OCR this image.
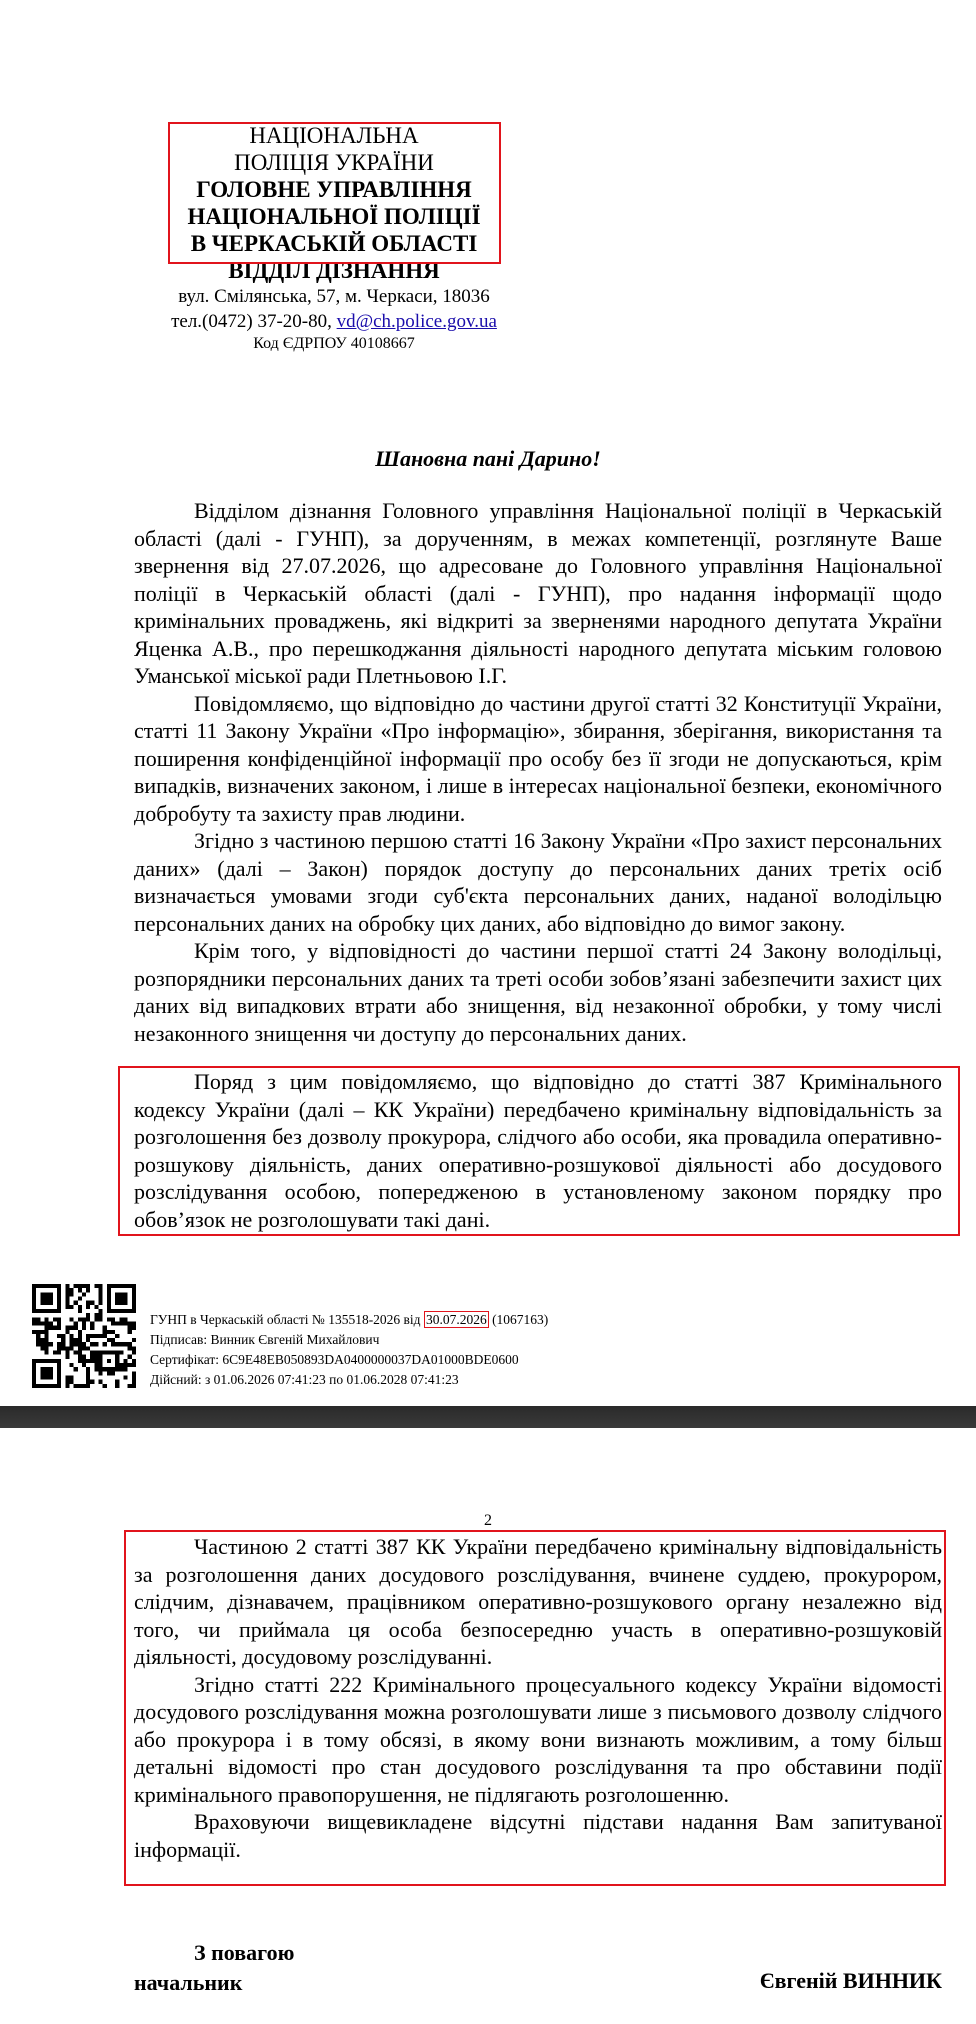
НАЦІОНАЛЬНА
ПОЛІЦІЯ УКРАЇНИ
ГОЛОВНЕ УПРАВЛІННЯ
НАЦІОНАЛЬНОЇ ПОЛІЦІЇ
В ЧЕРКАСЬКІЙ ОБЛАСТІ
ВІДДІЛ ДІЗНАННЯ
вул. Смілянська, 57, м. Черкаси, 18036
тел.(0472) 37-20-80, vd@ch.police.gov.ua
Код ЄДРПОУ 40108667
Шановна пані Дарино!

Відділом дізнання Головного управління Національної поліції в Черкаській області (далі - ГУНП), за дорученням, в межах компетенції, розглянуте Ваше звернення від 27.07.2026, що адресоване до Головного управління Національної поліції в Черкаській області (далі - ГУНП), про надання інформації щодо кримінальних проваджень, які відкриті за зверненями народного депутата України Яценка А.В., про перешкоджання діяльності народного депутата міським головою Уманської міської ради Плетньовою І.Г.

Повідомляємо, що відповідно до частини другої статті 32 Конституції України, статті 11 Закону України «Про інформацію», збирання, зберігання, використання та поширення конфіденційної інформації про особу без її згоди не допускаються, крім випадків, визначених законом, і лише в інтересах національної безпеки, економічного добробуту та захисту прав людини.

Згідно з частиною першою статті 16 Закону України «Про захист персональних даних» (далі – Закон) порядок доступу до персональних даних третіх осіб визначається умовами згоди суб'єкта персональних даних, наданої володільцю персональних даних на обробку цих даних, або відповідно до вимог закону.

Крім того, у відповідності до частини першої статті 24 Закону володільці, розпорядники персональних даних та треті особи зобов’язані забезпечити захист цих даних від випадкових втрати або знищення, від незаконної обробки, у тому числі незаконного знищення чи доступу до персональних даних.

Поряд з цим повідомляємо, що відповідно до статті 387 Кримінального кодексу України (далі – КК України) передбачено кримінальну відповідальність за розголошення без дозволу прокурора, слідчого або особи, яка провадила оперативно-розшукову діяльність, даних оперативно-розшукової діяльності або досудового розслідування особою, попередженою в установленому законом порядку про обов’язок не розголошувати такі дані.

ГУНП в Черкаській області № 135518-2026 від 30.07.2026 (1067163)
Підписав: Винник Євгеній Михайлович
Сертифікат: 6C9E48EB050893DA0400000037DA01000BDE0600
Дійсний: з 01.06.2026 07:41:23 по 01.06.2028 07:41:23
2

Частиною 2 статті 387 КК України передбачено кримінальну відповідальність за розголошення даних досудового розслідування, вчинене суддею, прокурором, слідчим, дізнавачем, працівником оперативно-розшукового органу незалежно від того, чи приймала ця особа безпосередню участь в оперативно-розшуковій діяльності, досудовому розслідуванні.

Згідно статті 222 Кримінального процесуального кодексу України відомості досудового розслідування можна розголошувати лише з письмового дозволу слідчого або прокурора і в тому обсязі, в якому вони визнають можливим, а тому більш детальні відомості про стан досудового розслідування та про обставини події кримінального правопорушення, не підлягають розголошенню.

Враховуючи вищевикладене відсутні підстави надання Вам запитуваної інформації.

З повагою
начальник	Євгеній ВИННИК
